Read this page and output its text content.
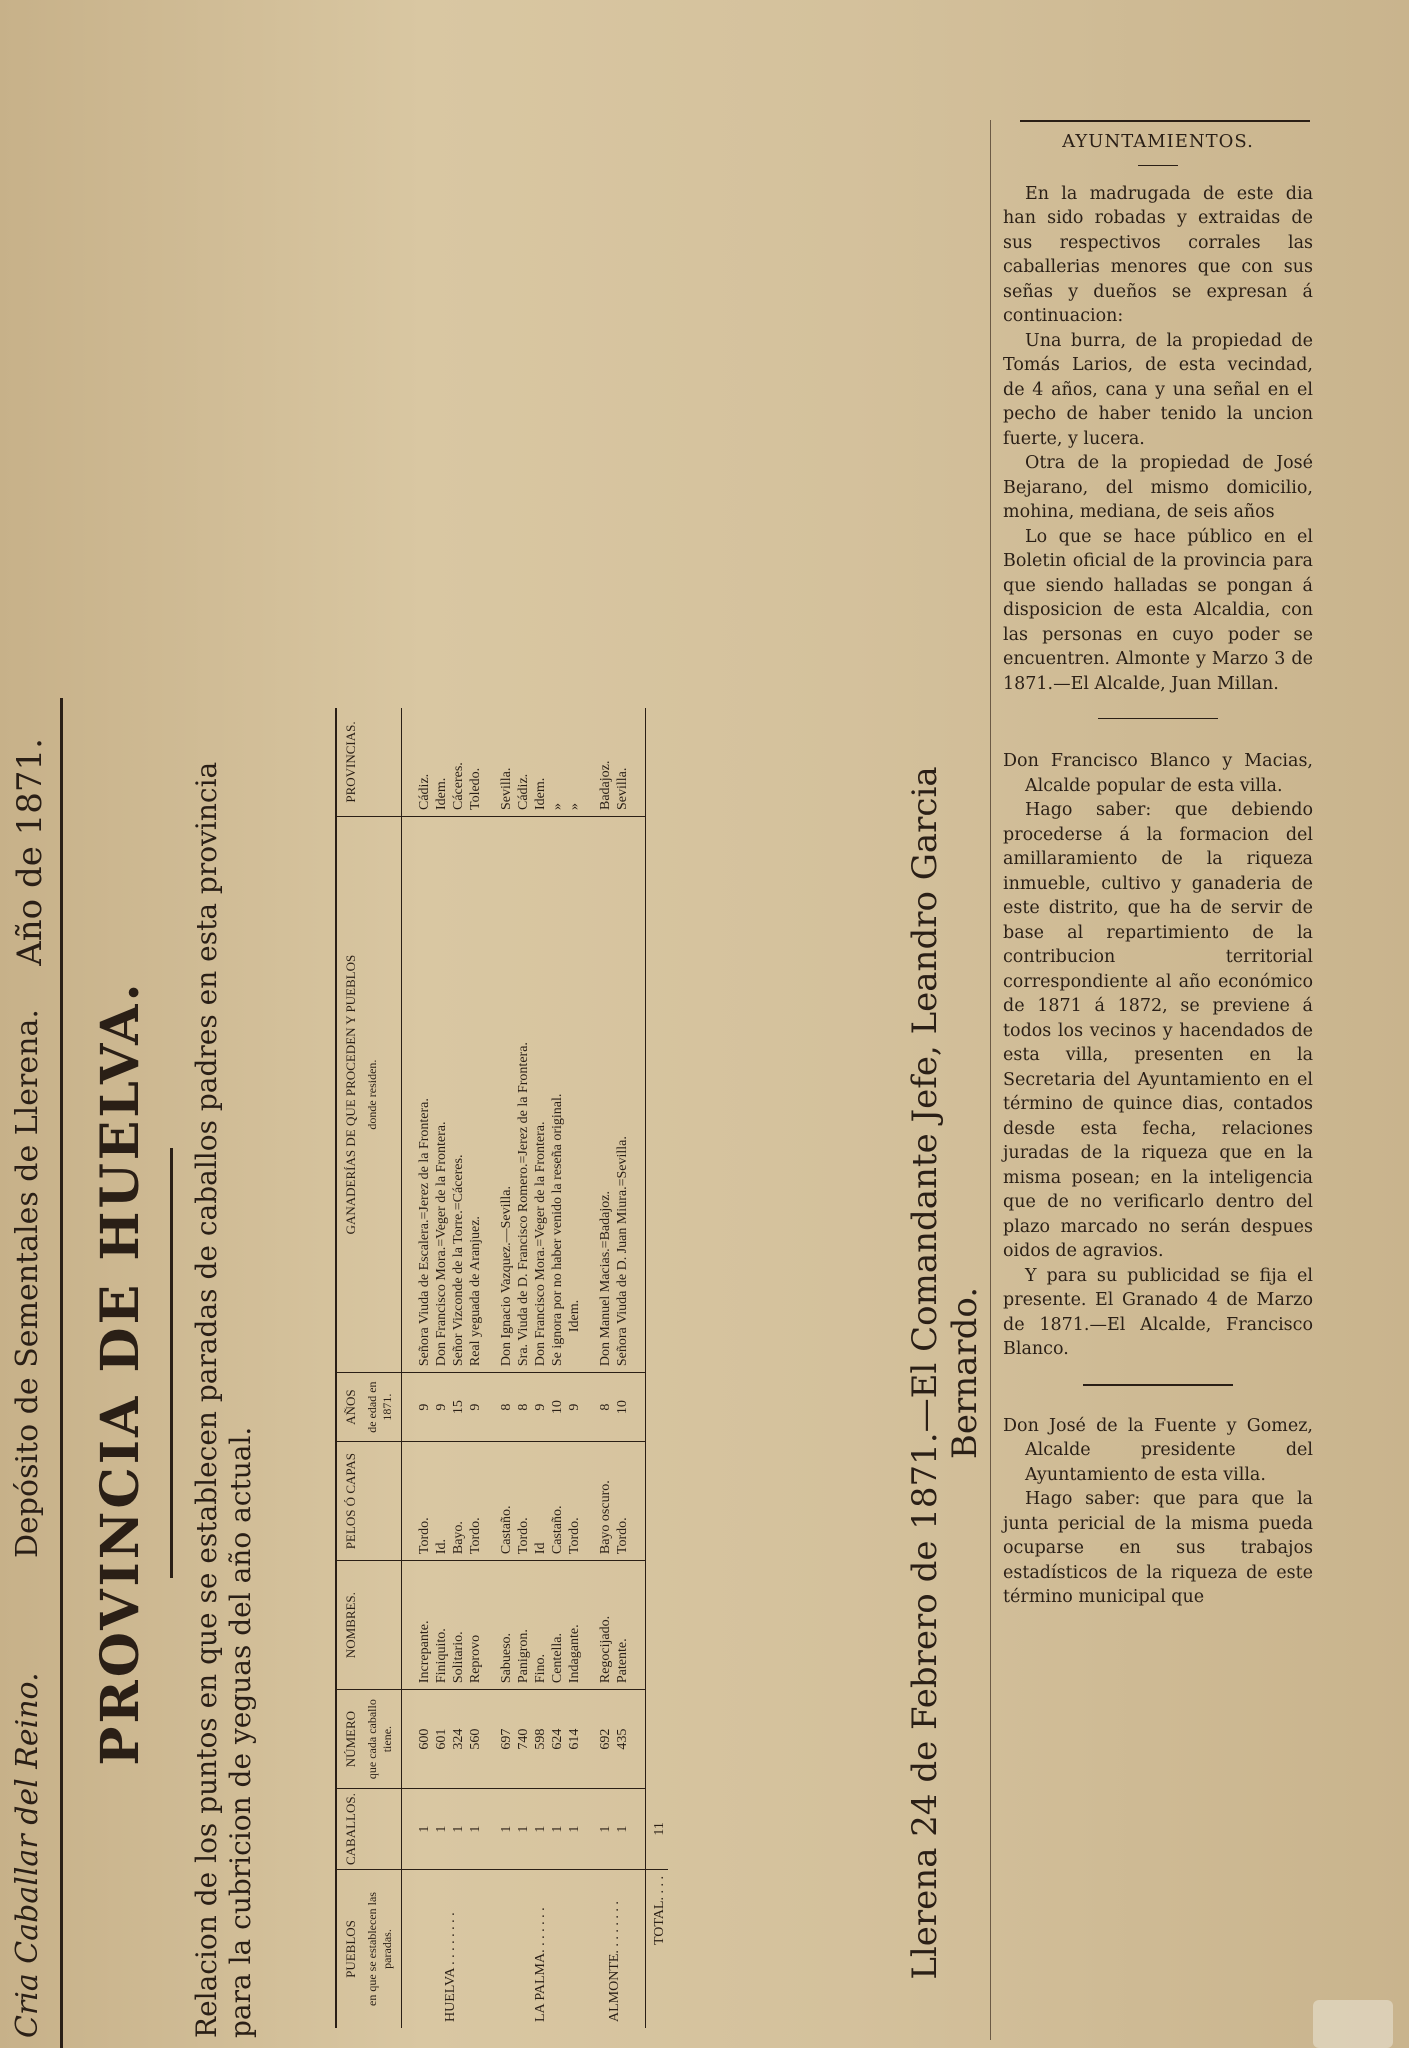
Cria Caballar del Reino.
Depósito de Sementales de Llerena.
Año de 1871.
PROVINCIA DE HUELVA. Relacion de los puntos en que se establecen paradas de caballos padres en esta provincia para la cubricion de yeguas del año actual.	PUEBLOS en que se establecen las paradas.	CABALLOS.	NÚMERO que cada caballo tiene.	NOMBRES.	PELOS Ó CAPAS	AÑOS de edad en 1871.	GANADERÍAS DE QUE PROCEDEN Y PUEBLOS donde residen.	PROVINCIAS.

HUELVA . . . . . . . .	1	600	Increpante.	Tordo.	9	Señora Viuda de Escalera.=Jerez de la Frontera.	Cádiz.
	1	601	Finiquito.	Id.	9	Don Francisco Mora.=Veger de la Frontera.	Idem.
	1	324	Solitario.	Bayo.	15	Señor Vizconde de la Torre.=Cáceres.	Cáceres.
	1	560	Reprovo	Tordo.	9	Real yeguada de Aranjuez.	Toledo.

LA PALMA. . . . . . .	1	697	Sabueso.	Castaño.	8	Don Ignacio Vazquez.—Sevilla.	Sevilla.
	1	740	Panigron.	Tordo.	8	Sra. Viuda de D. Francisco Romero.=Jerez de la Frontera.	Cádiz.
	1	598	Fino.	Id	9	Don Francisco Mora.=Veger de la Frontera.	Idem.
	1	624	Centella.	Castaño.	10	Se ignora por no haber venido la reseña original.	»
	1	614	Indagante.	Tordo.	9	Idem.	»

ALMONTE. . . . . . . .	1	692	Regocijado.	Bayo oscuro.	8	Don Manuel Macias.=Badajoz.	Badajoz.
	1	435	Patente.	Tordo.	10	Señora Viuda de D. Juan Miura.=Sevilla.	Sevilla.

TOTAL. . . .	11							Llerena 24 de Febrero de 1871.—El Comandante Jefe, Leandro Garcia Bernardo.

AYUNTAMIENTOS.

En la madrugada de este dia han sido robadas y extraidas de sus respectivos corrales las caballerias menores que con sus señas y dueños se expresan á continuacion:

Una burra, de la propiedad de Tomás Larios, de esta vecindad, de 4 años, cana y una señal en el pecho de haber tenido la uncion fuerte, y lucera.

Otra de la propiedad de José Bejarano, del mismo domicilio, mohina, mediana, de seis años

Lo que se hace público en el Boletin oficial de la provincia para que siendo halladas se pongan á disposicion de esta Alcaldia, con las personas en cuyo poder se encuentren. Almonte y Marzo 3 de 1871.—El Alcalde, Juan Millan.

Don Francisco Blanco y Macias, Alcalde popular de esta villa.

Hago saber: que debiendo procederse á la formacion del amillaramiento de la riqueza inmueble, cultivo y ganaderia de este distrito, que ha de servir de base al repartimiento de la contribucion territorial correspondiente al año económico de 1871 á 1872, se previene á todos los vecinos y hacendados de esta villa, presenten en la Secretaria del Ayuntamiento en el término de quince dias, contados desde esta fecha, relaciones juradas de la riqueza que en la misma posean; en la inteligencia que de no verificarlo dentro del plazo marcado no serán despues oidos de agravios.

Y para su publicidad se fija el presente. El Granado 4 de Marzo de 1871.—El Alcalde, Francisco Blanco.

Don José de la Fuente y Gomez, Alcalde presidente del Ayuntamiento de esta villa.

Hago saber: que para que la junta pericial de la misma pueda ocuparse en sus trabajos estadísticos de la riqueza de este término municipal que
